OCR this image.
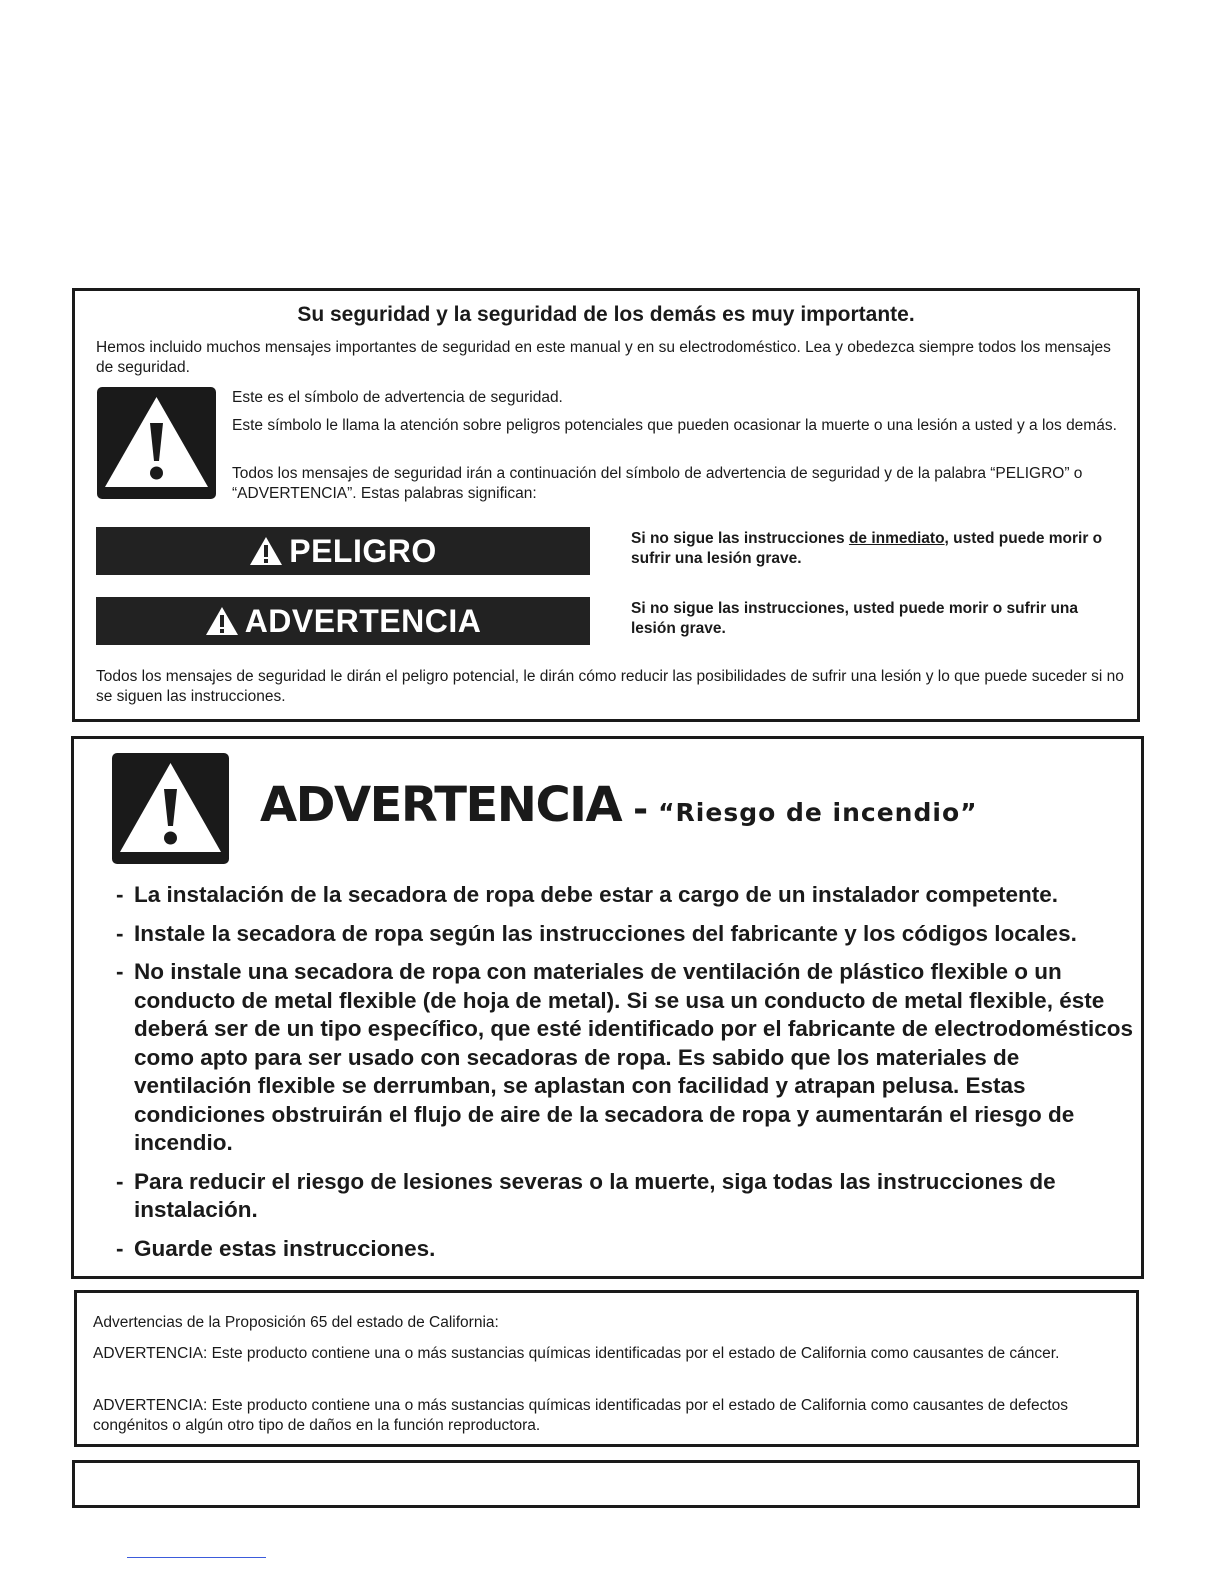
Su seguridad y la seguridad de los demás es muy importante.
Hemos incluido muchos mensajes importantes de seguridad en este manual y en su electrodoméstico. Lea y obedezca siempre todos los mensajes de seguridad.
Este es el símbolo de advertencia de seguridad.
Este símbolo le llama la atención sobre peligros potenciales que pueden ocasionar la muerte o una lesión a usted y a los demás.
Todos los mensajes de seguridad irán a continuación del símbolo de advertencia de seguridad y de la palabra “PELIGRO” o “ADVERTENCIA”. Estas palabras significan:
PELIGRO	Si no sigue las instrucciones de inmediato, usted puede morir o sufrir una lesión grave.
ADVERTENCIA	Si no sigue las instrucciones, usted puede morir o sufrir una lesión grave.
Todos los mensajes de seguridad le dirán el peligro potencial, le dirán cómo reducir las posibilidades de sufrir una lesión y lo que puede suceder si no se siguen las instrucciones.
ADVERTENCIA - “Riesgo de incendio”
- La instalación de la secadora de ropa debe estar a cargo de un instalador competente.
- Instale la secadora de ropa según las instrucciones del fabricante y los códigos locales.
- No instale una secadora de ropa con materiales de ventilación de plástico flexible o un conducto de metal flexible (de hoja de metal). Si se usa un conducto de metal flexible, éste deberá ser de un tipo específico, que esté identificado por el fabricante de electrodomésticos como apto para ser usado con secadoras de ropa. Es sabido que los materiales de ventilación flexible se derrumban, se aplastan con facilidad y atrapan pelusa. Estas condiciones obstruirán el flujo de aire de la secadora de ropa y aumentarán el riesgo de incendio.
- Para reducir el riesgo de lesiones severas o la muerte, siga todas las instrucciones de instalación.
- Guarde estas instrucciones.
Advertencias de la Proposición 65 del estado de California:
ADVERTENCIA: Este producto contiene una o más sustancias químicas identificadas por el estado de California como causantes de cáncer.
ADVERTENCIA: Este producto contiene una o más sustancias químicas identificadas por el estado de California como causantes de defectos congénitos o algún otro tipo de daños en la función reproductora.
